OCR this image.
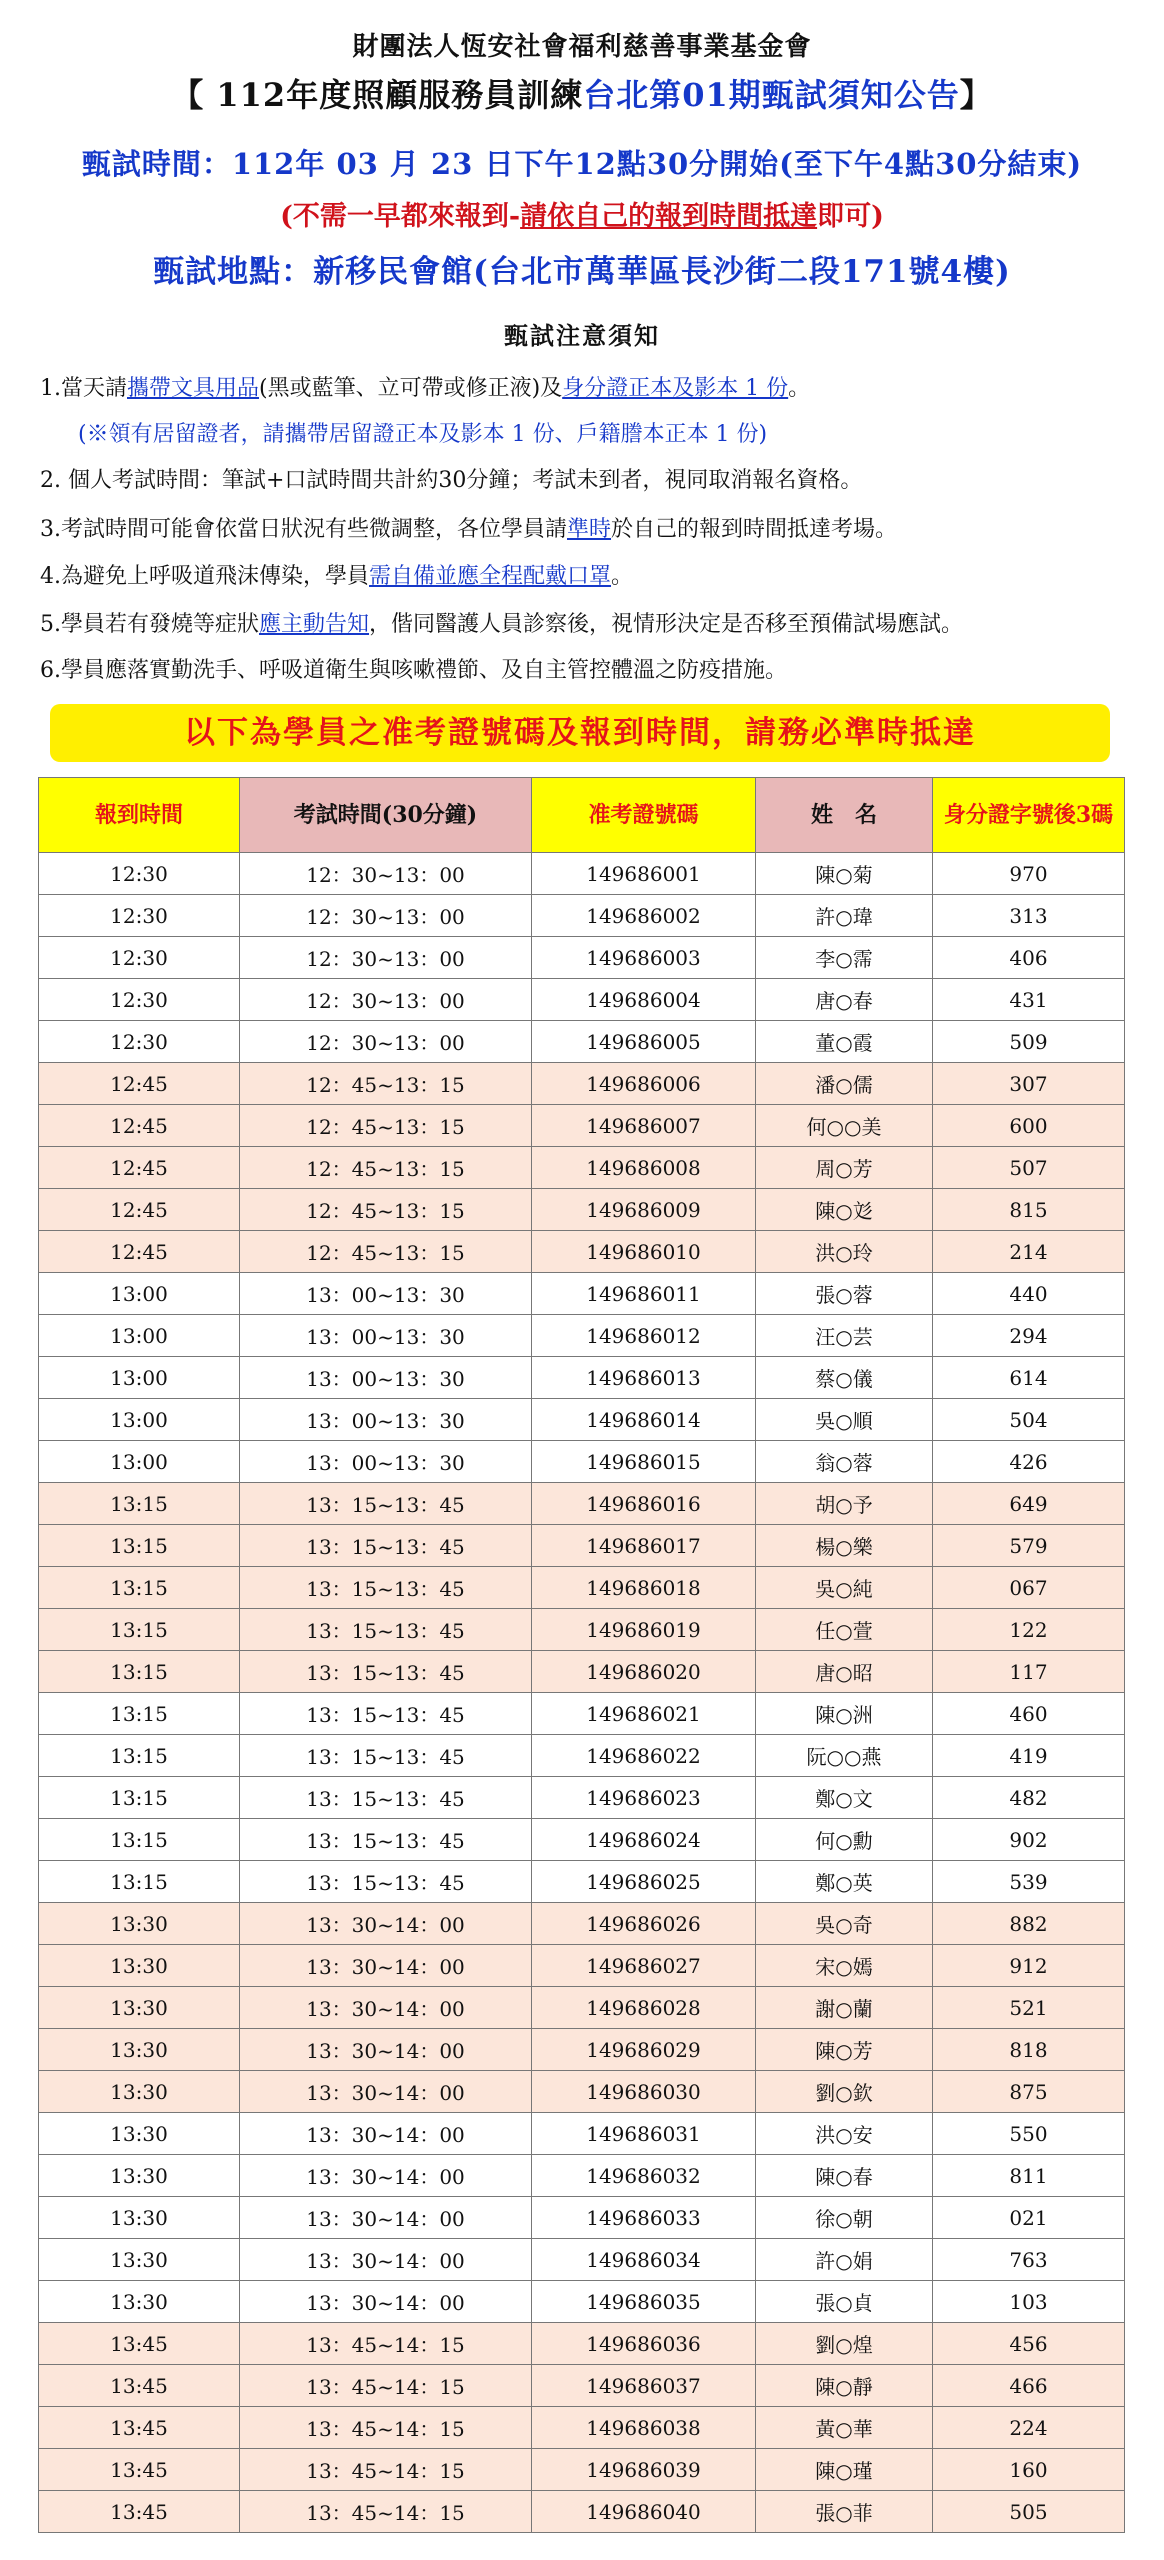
財團法人恆安社會福利慈善事業基金會
【 112年度照顧服務員訓練台北第01期甄試須知公告】
甄試時間：112年 03 月 23 日下午12點30分開始(至下午4點30分結束)
(不需一早都來報到-請依自己的報到時間抵達即可)
甄試地點：新移民會館(台北市萬華區長沙街二段171號4樓)
甄試注意須知
1.當天請攜帶文具用品(黑或藍筆、立可帶或修正液)及身分證正本及影本 1 份。
(※領有居留證者，請攜帶居留證正本及影本 1 份、戶籍謄本正本 1 份)
2. 個人考試時間：筆試+口試時間共計約30分鐘；考試未到者，視同取消報名資格。
3.考試時間可能會依當日狀況有些微調整，各位學員請準時於自己的報到時間抵達考場。
4.為避免上呼吸道飛沫傳染，學員需自備並應全程配戴口罩。
5.學員若有發燒等症狀應主動告知，偕同醫護人員診察後，視情形決定是否移至預備試場應試。
6.學員應落實勤洗手、呼吸道衛生與咳嗽禮節、及自主管控體溫之防疫措施。
以下為學員之准考證號碼及報到時間，請務必準時抵達
報到時間	考試時間(30分鐘)	准考證號碼	姓　名	身分證字號後3碼
12:30	12：30~13：00	149686001	陳○菊	970
12:30	12：30~13：00	149686002	許○瑋	313
12:30	12：30~13：00	149686003	李○霈	406
12:30	12：30~13：00	149686004	唐○春	431
12:30	12：30~13：00	149686005	董○霞	509
12:45	12：45~13：15	149686006	潘○儒	307
12:45	12：45~13：15	149686007	何○○美	600
12:45	12：45~13：15	149686008	周○芳	507
12:45	12：45~13：15	149686009	陳○彣	815
12:45	12：45~13：15	149686010	洪○玲	214
13:00	13：00~13：30	149686011	張○蓉	440
13:00	13：00~13：30	149686012	汪○芸	294
13:00	13：00~13：30	149686013	蔡○儀	614
13:00	13：00~13：30	149686014	吳○順	504
13:00	13：00~13：30	149686015	翁○蓉	426
13:15	13：15~13：45	149686016	胡○予	649
13:15	13：15~13：45	149686017	楊○樂	579
13:15	13：15~13：45	149686018	吳○純	067
13:15	13：15~13：45	149686019	任○萱	122
13:15	13：15~13：45	149686020	唐○昭	117
13:15	13：15~13：45	149686021	陳○洲	460
13:15	13：15~13：45	149686022	阮○○燕	419
13:15	13：15~13：45	149686023	鄭○文	482
13:15	13：15~13：45	149686024	何○勳	902
13:15	13：15~13：45	149686025	鄭○英	539
13:30	13：30~14：00	149686026	吳○奇	882
13:30	13：30~14：00	149686027	宋○嫣	912
13:30	13：30~14：00	149686028	謝○蘭	521
13:30	13：30~14：00	149686029	陳○芳	818
13:30	13：30~14：00	149686030	劉○欽	875
13:30	13：30~14：00	149686031	洪○安	550
13:30	13：30~14：00	149686032	陳○春	811
13:30	13：30~14：00	149686033	徐○朝	021
13:30	13：30~14：00	149686034	許○娟	763
13:30	13：30~14：00	149686035	張○貞	103
13:45	13：45~14：15	149686036	劉○煌	456
13:45	13：45~14：15	149686037	陳○靜	466
13:45	13：45~14：15	149686038	黃○華	224
13:45	13：45~14：15	149686039	陳○瑾	160
13:45	13：45~14：15	149686040	張○菲	505
